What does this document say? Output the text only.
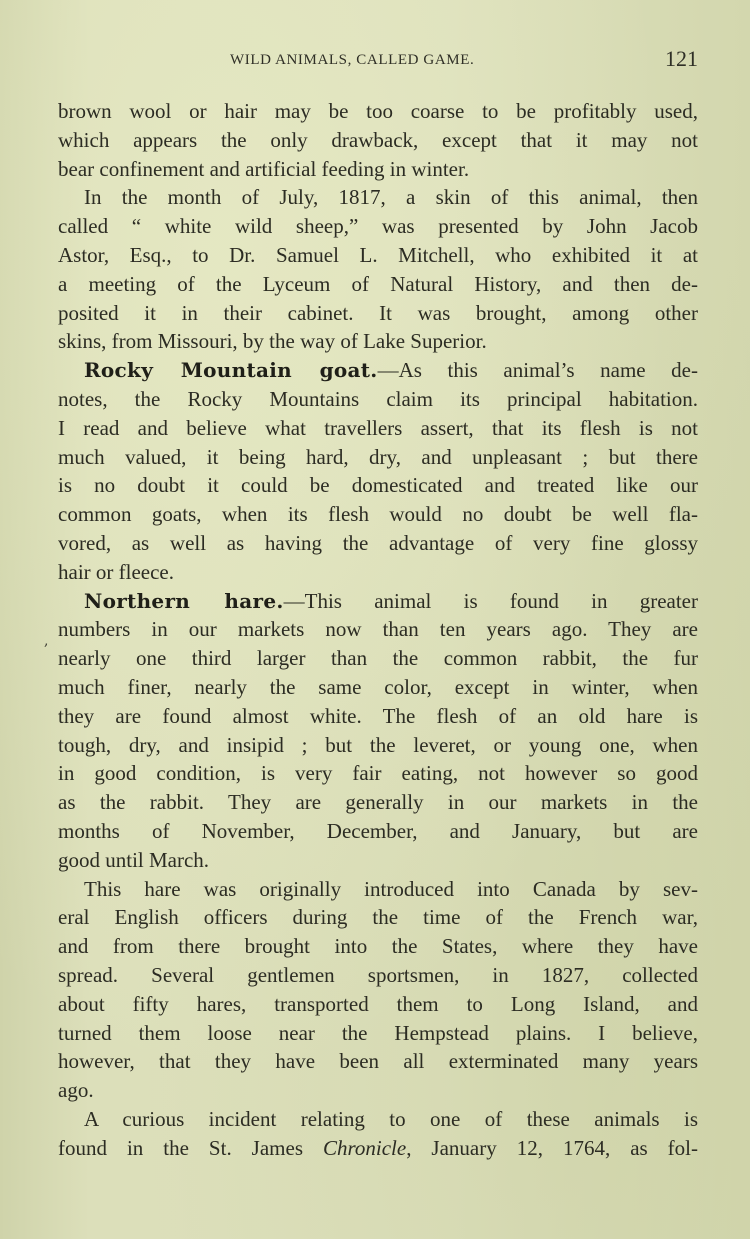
WILD ANIMALS, CALLED GAME.	121
,
brown wool or hair may be too coarse to be profitably used,
which appears the only drawback, except that it may not
bear confinement and artificial feeding in winter.
In the month of July, 1817, a skin of this animal, then
called “ white wild sheep,” was presented by John Jacob
Astor, Esq., to Dr. Samuel L. Mitchell, who exhibited it at
a meeting of the Lyceum of Natural History, and then de-
posited it in their cabinet. It was brought, among other
skins, from Missouri, by the way of Lake Superior.
Rocky Mountain goat.—As this animal’s name de-
notes, the Rocky Mountains claim its principal habitation.
I read and believe what travellers assert, that its flesh is not
much valued, it being hard, dry, and unpleasant ; but there
is no doubt it could be domesticated and treated like our
common goats, when its flesh would no doubt be well fla-
vored, as well as having the advantage of very fine glossy
hair or fleece.
Northern hare.—This animal is found in greater
numbers in our markets now than ten years ago. They are
nearly one third larger than the common rabbit, the fur
much finer, nearly the same color, except in winter, when
they are found almost white. The flesh of an old hare is
tough, dry, and insipid ; but the leveret, or young one, when
in good condition, is very fair eating, not however so good
as the rabbit. They are generally in our markets in the
months of November, December, and January, but are
good until March.
This hare was originally introduced into Canada by sev-
eral English officers during the time of the French war,
and from there brought into the States, where they have
spread. Several gentlemen sportsmen, in 1827, collected
about fifty hares, transported them to Long Island, and
turned them loose near the Hempstead plains. I believe,
however, that they have been all exterminated many years
ago.
A curious incident relating to one of these animals is
found in the St. James Chronicle, January 12, 1764, as fol-
